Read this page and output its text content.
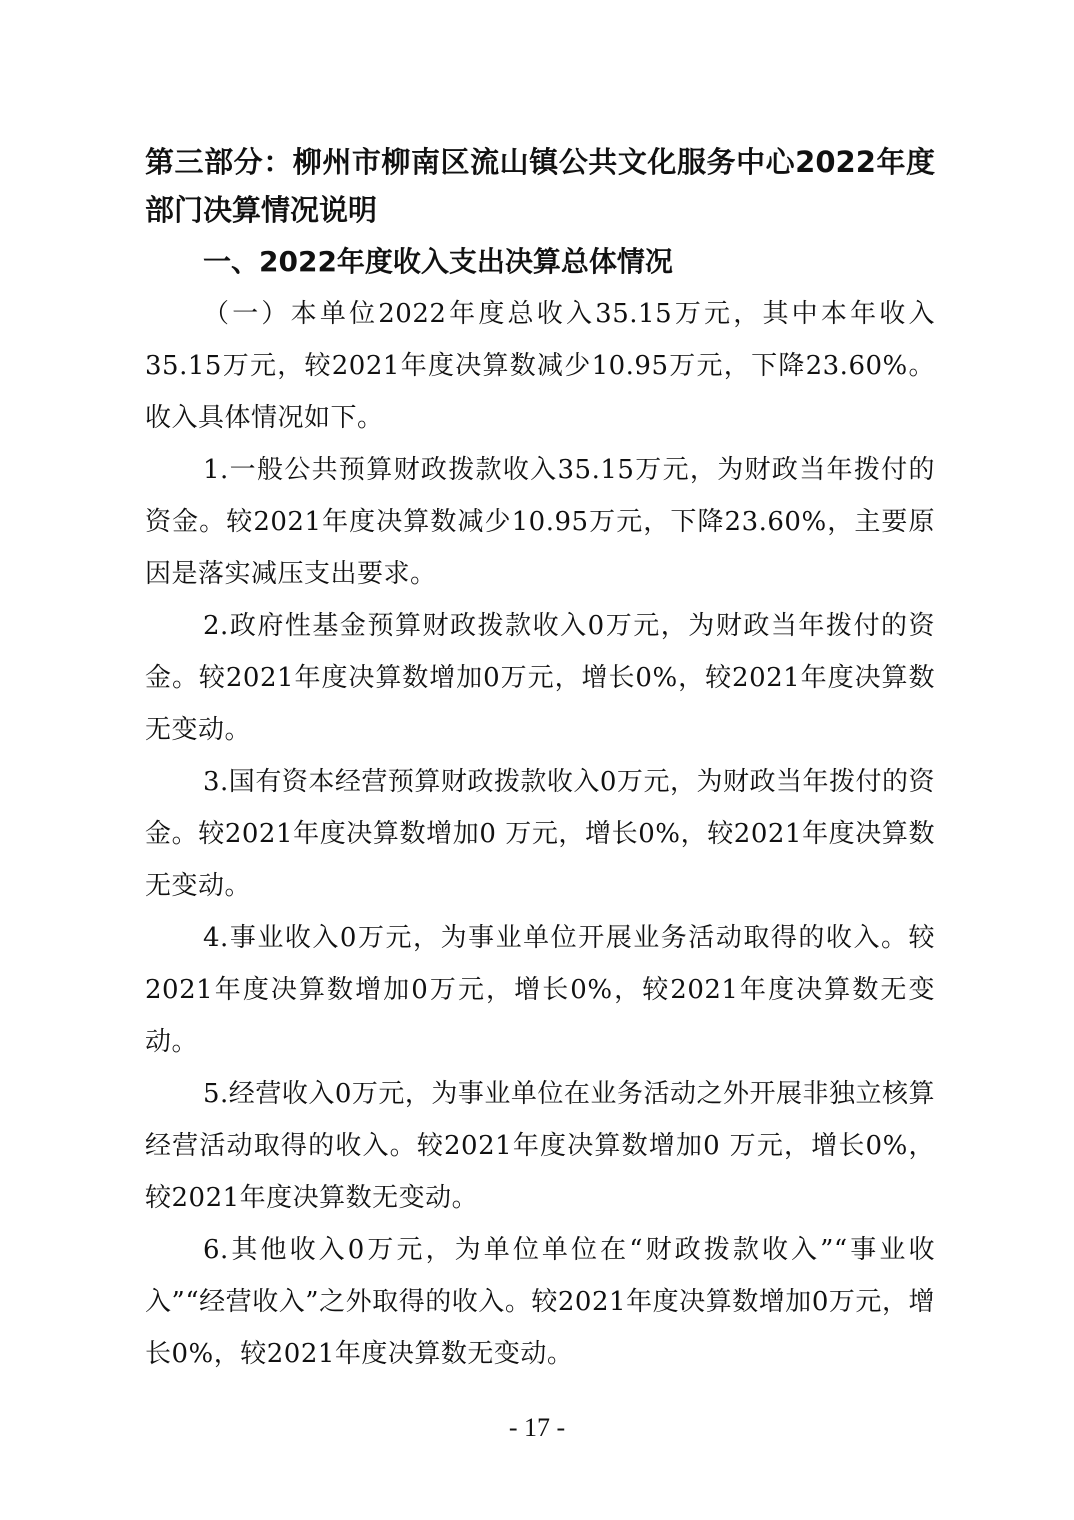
第三部分：柳州市柳南区流山镇公共文化服务中心2022年度部门决算情况说明
一、2022年度收入支出决算总体情况

（一）本单位2022年度总收入35.15万元，其中本年收入35.15万元，较2021年度决算数减少10.95万元，下降23.60%。收入具体情况如下。

1.一般公共预算财政拨款收入35.15万元，为财政当年拨付的资金。较2021年度决算数减少10.95万元，下降23.60%，主要原因是落实减压支出要求。

2.政府性基金预算财政拨款收入0万元，为财政当年拨付的资金。较2021年度决算数增加0万元，增长0%，较2021年度决算数无变动。

3.国有资本经营预算财政拨款收入0万元，为财政当年拨付的资金。较2021年度决算数增加0 万元，增长0%，较2021年度决算数无变动。

4.事业收入0万元，为事业单位开展业务活动取得的收入。较2021年度决算数增加0万元，增长0%，较2021年度决算数无变动。

5.经营收入0万元，为事业单位在业务活动之外开展非独立核算经营活动取得的收入。较2021年度决算数增加0 万元，增长0%，较2021年度决算数无变动。

6.其他收入0万元，为单位单位在“财政拨款收入”“事业收入”“经营收入”之外取得的收入。较2021年度决算数增加0万元，增长0%，较2021年度决算数无变动。

- 17 -
